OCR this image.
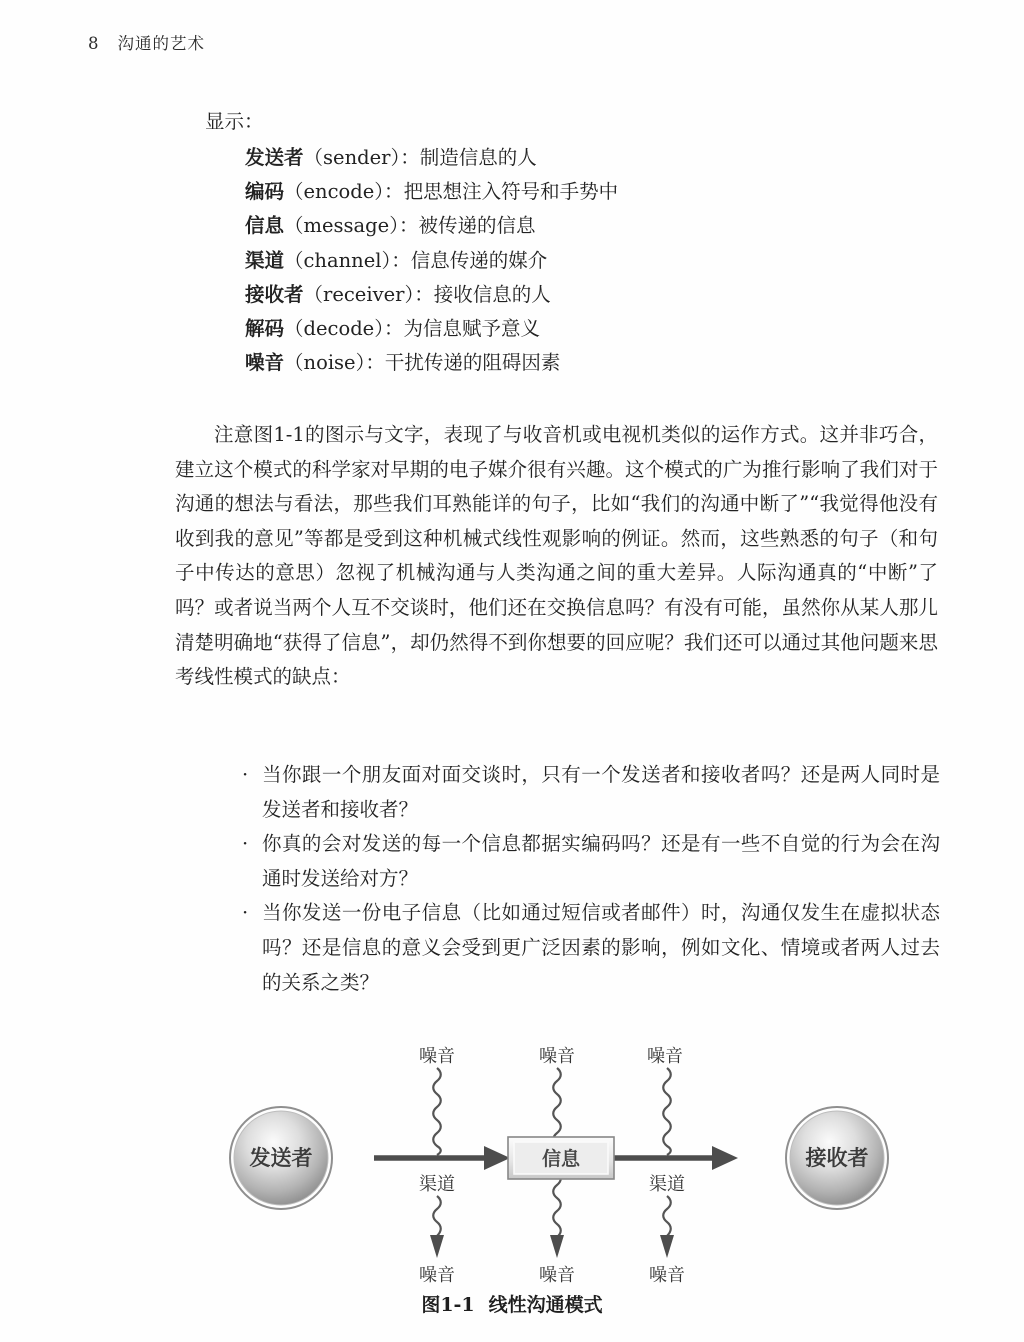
8 沟通的艺术
显示：
发送者（sender）：制造信息的人
编码（encode）：把思想注入符号和手势中
信息（message）：被传递的信息
渠道（channel）：信息传递的媒介
接收者（receiver）：接收信息的人
解码（decode）：为信息赋予意义
噪音（noise）：干扰传递的阻碍因素

注意图1-1的图示与文字，表现了与收音机或电视机类似的运作方式。这并非巧合，建立这个模式的科学家对早期的电子媒介很有兴趣。这个模式的广为推行影响了我们对于沟通的想法与看法，那些我们耳熟能详的句子，比如“我们的沟通中断了”“我觉得他没有收到我的意见”等都是受到这种机械式线性观影响的例证。然而，这些熟悉的句子（和句子中传达的意思）忽视了机械沟通与人类沟通之间的重大差异。人际沟通真的“中断”了吗？或者说当两个人互不交谈时，他们还在交换信息吗？有没有可能，虽然你从某人那儿清楚明确地“获得了信息”，却仍然得不到你想要的回应呢？我们还可以通过其他问题来思考线性模式的缺点：

· 当你跟一个朋友面对面交谈时，只有一个发送者和接收者吗？还是两人同时是发送者和接收者？
· 你真的会对发送的每一个信息都据实编码吗？还是有一些不自觉的行为会在沟通时发送给对方？
· 当你发送一份电子信息（比如通过短信或者邮件）时，沟通仅发生在虚拟状态吗？还是信息的意义会受到更广泛因素的影响，例如文化、情境或者两人过去的关系之类？
渠道	渠道
信息
发送者	接收者
噪音	噪音	噪音
噪音	噪音	噪音
图1-1 线性沟通模式
